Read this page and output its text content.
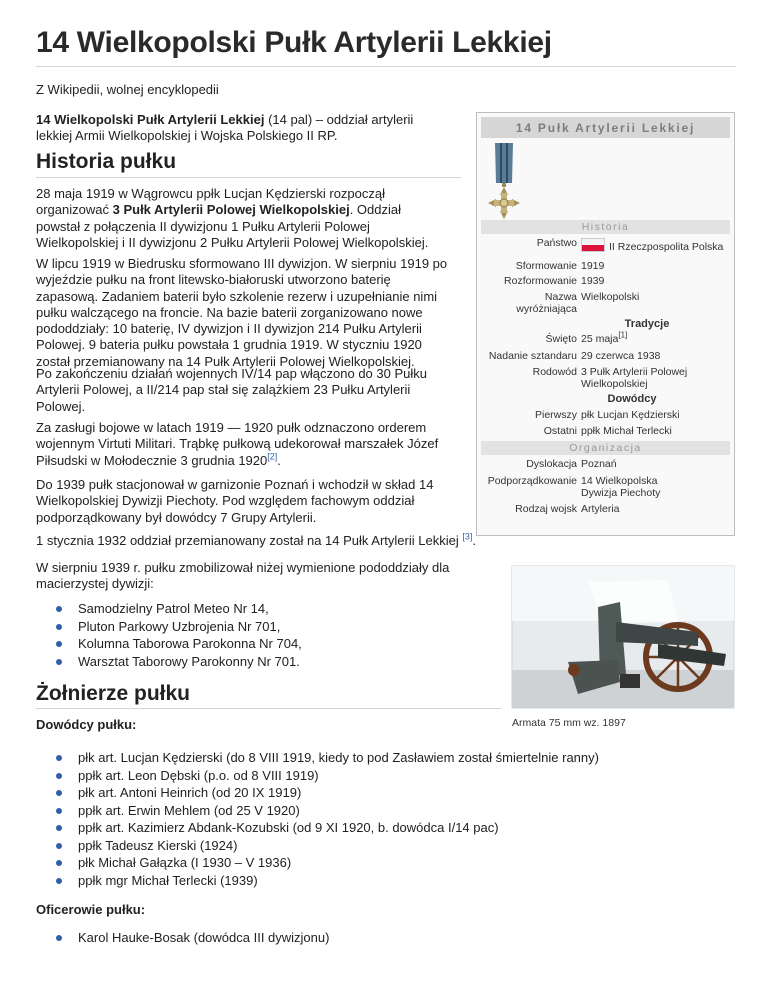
14 Wielkopolski Pułk Artylerii Lekkiej
Z Wikipedii, wolnej encyklopedii

14 Wielkopolski Pułk Artylerii Lekkiej (14 pal) – oddział artylerii
lekkiej Armii Wielkopolskiej i Wojska Polskiego II RP.

Historia pułku

28 maja 1919 w Wągrowcu ppłk Lucjan Kędzierski rozpoczął
organizować 3 Pułk Artylerii Polowej Wielkopolskiej. Oddział
powstał z połączenia II dywizjonu 1 Pułku Artylerii Polowej
Wielkopolskiej i II dywizjonu 2 Pułku Artylerii Polowej Wielkopolskiej.

W lipcu 1919 w Biedrusku sformowano III dywizjon. W sierpniu 1919 po
wyjeździe pułku na front litewsko-białoruski utworzono baterię
zapasową. Zadaniem baterii było szkolenie rezerw i uzupełnianie nimi
pułku walczącego na froncie. Na bazie baterii zorganizowano nowe
pododdziały: 10 baterię, IV dywizjon i II dywizjon 214 Pułku Artylerii
Polowej. 9 bateria pułku powstała 1 grudnia 1919. W styczniu 1920
został przemianowany na 14 Pułk Artylerii Polowej Wielkopolskiej.

Po zakończeniu działań wojennych IV/14 pap włączono do 30 Pułku
Artylerii Polowej, a II/214 pap stał się zalążkiem 23 Pułku Artylerii
Polowej.

Za zasługi bojowe w latach 1919 — 1920 pułk odznaczono orderem
wojennym Virtuti Militari. Trąbkę pułkową udekorował marszałek Józef
Piłsudski w Mołodecznie 3 grudnia 1920[2].

Do 1939 pułk stacjonował w garnizonie Poznań i wchodził w skład 14
Wielkopolskiej Dywizji Piechoty. Pod względem fachowym oddział
podporządkowany był dowódcy 7 Grupy Artylerii.

1 stycznia 1932 oddział przemianowany został na 14 Pułk Artylerii Lekkiej [3].

W sierpniu 1939 r. pułku zmobilizował niżej wymienione pododdziały dla
macierzystej dywizji:

Samodzielny Patrol Meteo Nr 14,
Pluton Parkowy Uzbrojenia Nr 701,
Kolumna Taborowa Parokonna Nr 704,
Warsztat Taborowy Parokonny Nr 701.
Żołnierze pułku
Dowódcy pułku:
płk art. Lucjan Kędzierski (do 8 VIII 1919, kiedy to pod Zasławiem został śmiertelnie ranny)
ppłk art. Leon Dębski (p.o. od 8 VIII 1919)
płk art. Antoni Heinrich (od 20 IX 1919)
ppłk art. Erwin Mehlem (od 25 V 1920)
ppłk art. Kazimierz Abdank-Kozubski (od 9 XI 1920, b. dowódca I/14 pac)
ppłk Tadeusz Kierski (1924)
płk Michał Gałązka (I 1930 – V 1936)
ppłk mgr Michał Terlecki (1939)
Oficerowie pułku:
Karol Hauke-Bosak (dowódca III dywizjonu)
14 Pułk Artylerii Lekkiej
Historia
Państwo	II Rzeczpospolita Polska
Sformowanie 1919
Rozformowanie 1939
Nazwa wyróżniająca
Wielkopolski
Tradycje
Święto 25 maja[1]
Nadanie sztandaru 29 czerwca 1938
Rodowód 3 Pułk Artylerii Polowej Wielkopolskiej
Dowódcy
Pierwszy płk Lucjan Kędzierski
Ostatni ppłk Michał Terlecki
Organizacja
Dyslokacja Poznań
Podporządkowanie 14 Wielkopolska Dywizja Piechoty
Rodzaj wojsk Artyleria
Armata 75 mm wz. 1897
